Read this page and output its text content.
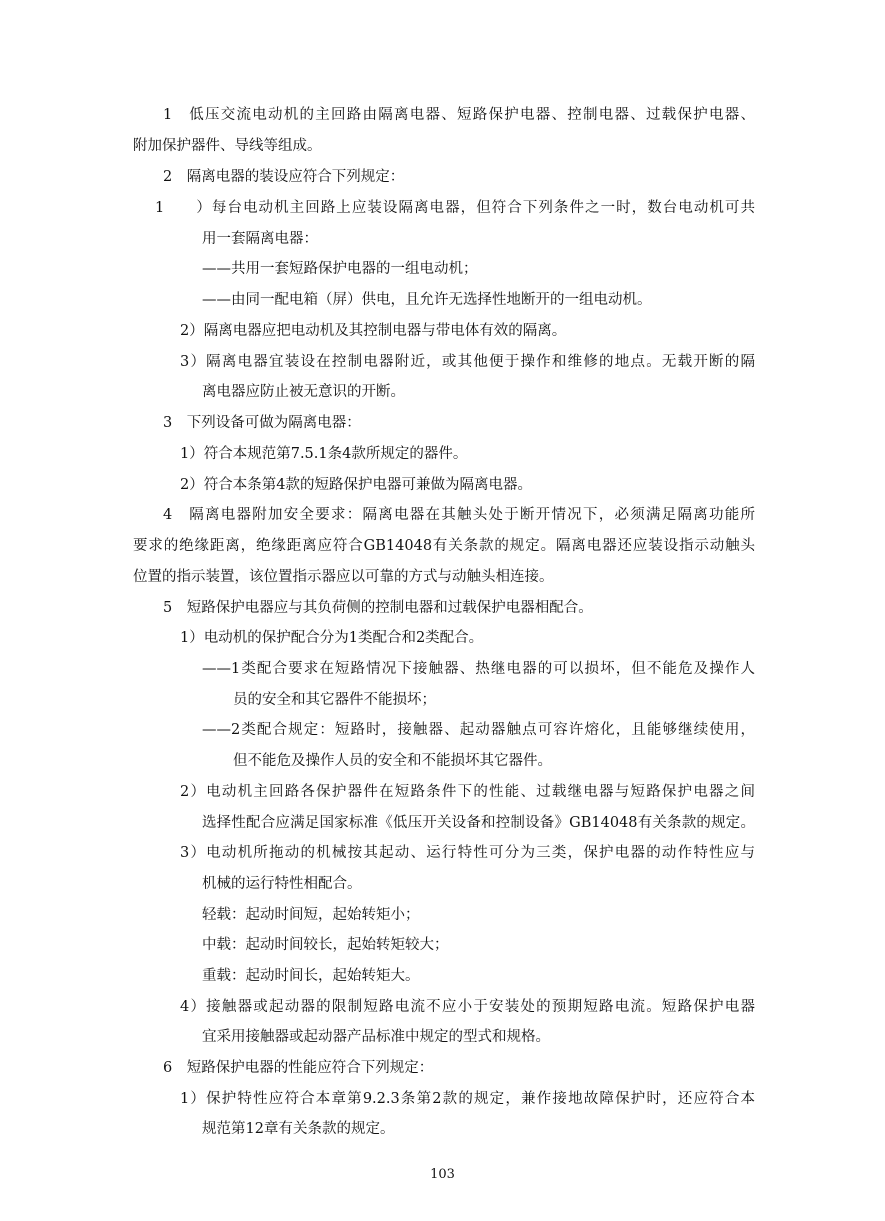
1　低压交流电动机的主回路由隔离电器、短路保护电器、控制电器、过载保护电器、
附加保护器件、导线等组成。
2　隔离电器的装设应符合下列规定：
1　　）每台电动机主回路上应装设隔离电器，但符合下列条件之一时，数台电动机可共
用一套隔离电器：
——共用一套短路保护电器的一组电动机；
——由同一配电箱（屏）供电，且允许无选择性地断开的一组电动机。
2）隔离电器应把电动机及其控制电器与带电体有效的隔离。
3）隔离电器宜装设在控制电器附近，或其他便于操作和维修的地点。无载开断的隔
离电器应防止被无意识的开断。
3　下列设备可做为隔离电器：
1）符合本规范第7.5.1条4款所规定的器件。
2）符合本条第4款的短路保护电器可兼做为隔离电器。
4　隔离电器附加安全要求：隔离电器在其触头处于断开情况下，必须满足隔离功能所
要求的绝缘距离，绝缘距离应符合GB14048有关条款的规定。隔离电器还应装设指示动触头
位置的指示装置，该位置指示器应以可靠的方式与动触头相连接。
5　短路保护电器应与其负荷侧的控制电器和过载保护电器相配合。
1）电动机的保护配合分为1类配合和2类配合。
——1类配合要求在短路情况下接触器、热继电器的可以损坏，但不能危及操作人
员的安全和其它器件不能损坏；
——2类配合规定：短路时，接触器、起动器触点可容许熔化，且能够继续使用，
但不能危及操作人员的安全和不能损坏其它器件。
2）电动机主回路各保护器件在短路条件下的性能、过载继电器与短路保护电器之间
选择性配合应满足国家标准《低压开关设备和控制设备》GB14048有关条款的规定。
3）电动机所拖动的机械按其起动、运行特性可分为三类，保护电器的动作特性应与
机械的运行特性相配合。
轻载：起动时间短，起始转矩小；
中载：起动时间较长，起始转矩较大；
重载：起动时间长，起始转矩大。
4）接触器或起动器的限制短路电流不应小于安装处的预期短路电流。短路保护电器
宜采用接触器或起动器产品标准中规定的型式和规格。
6　短路保护电器的性能应符合下列规定：
1）保护特性应符合本章第9.2.3条第2款的规定，兼作接地故障保护时，还应符合本
规范第12章有关条款的规定。
103
